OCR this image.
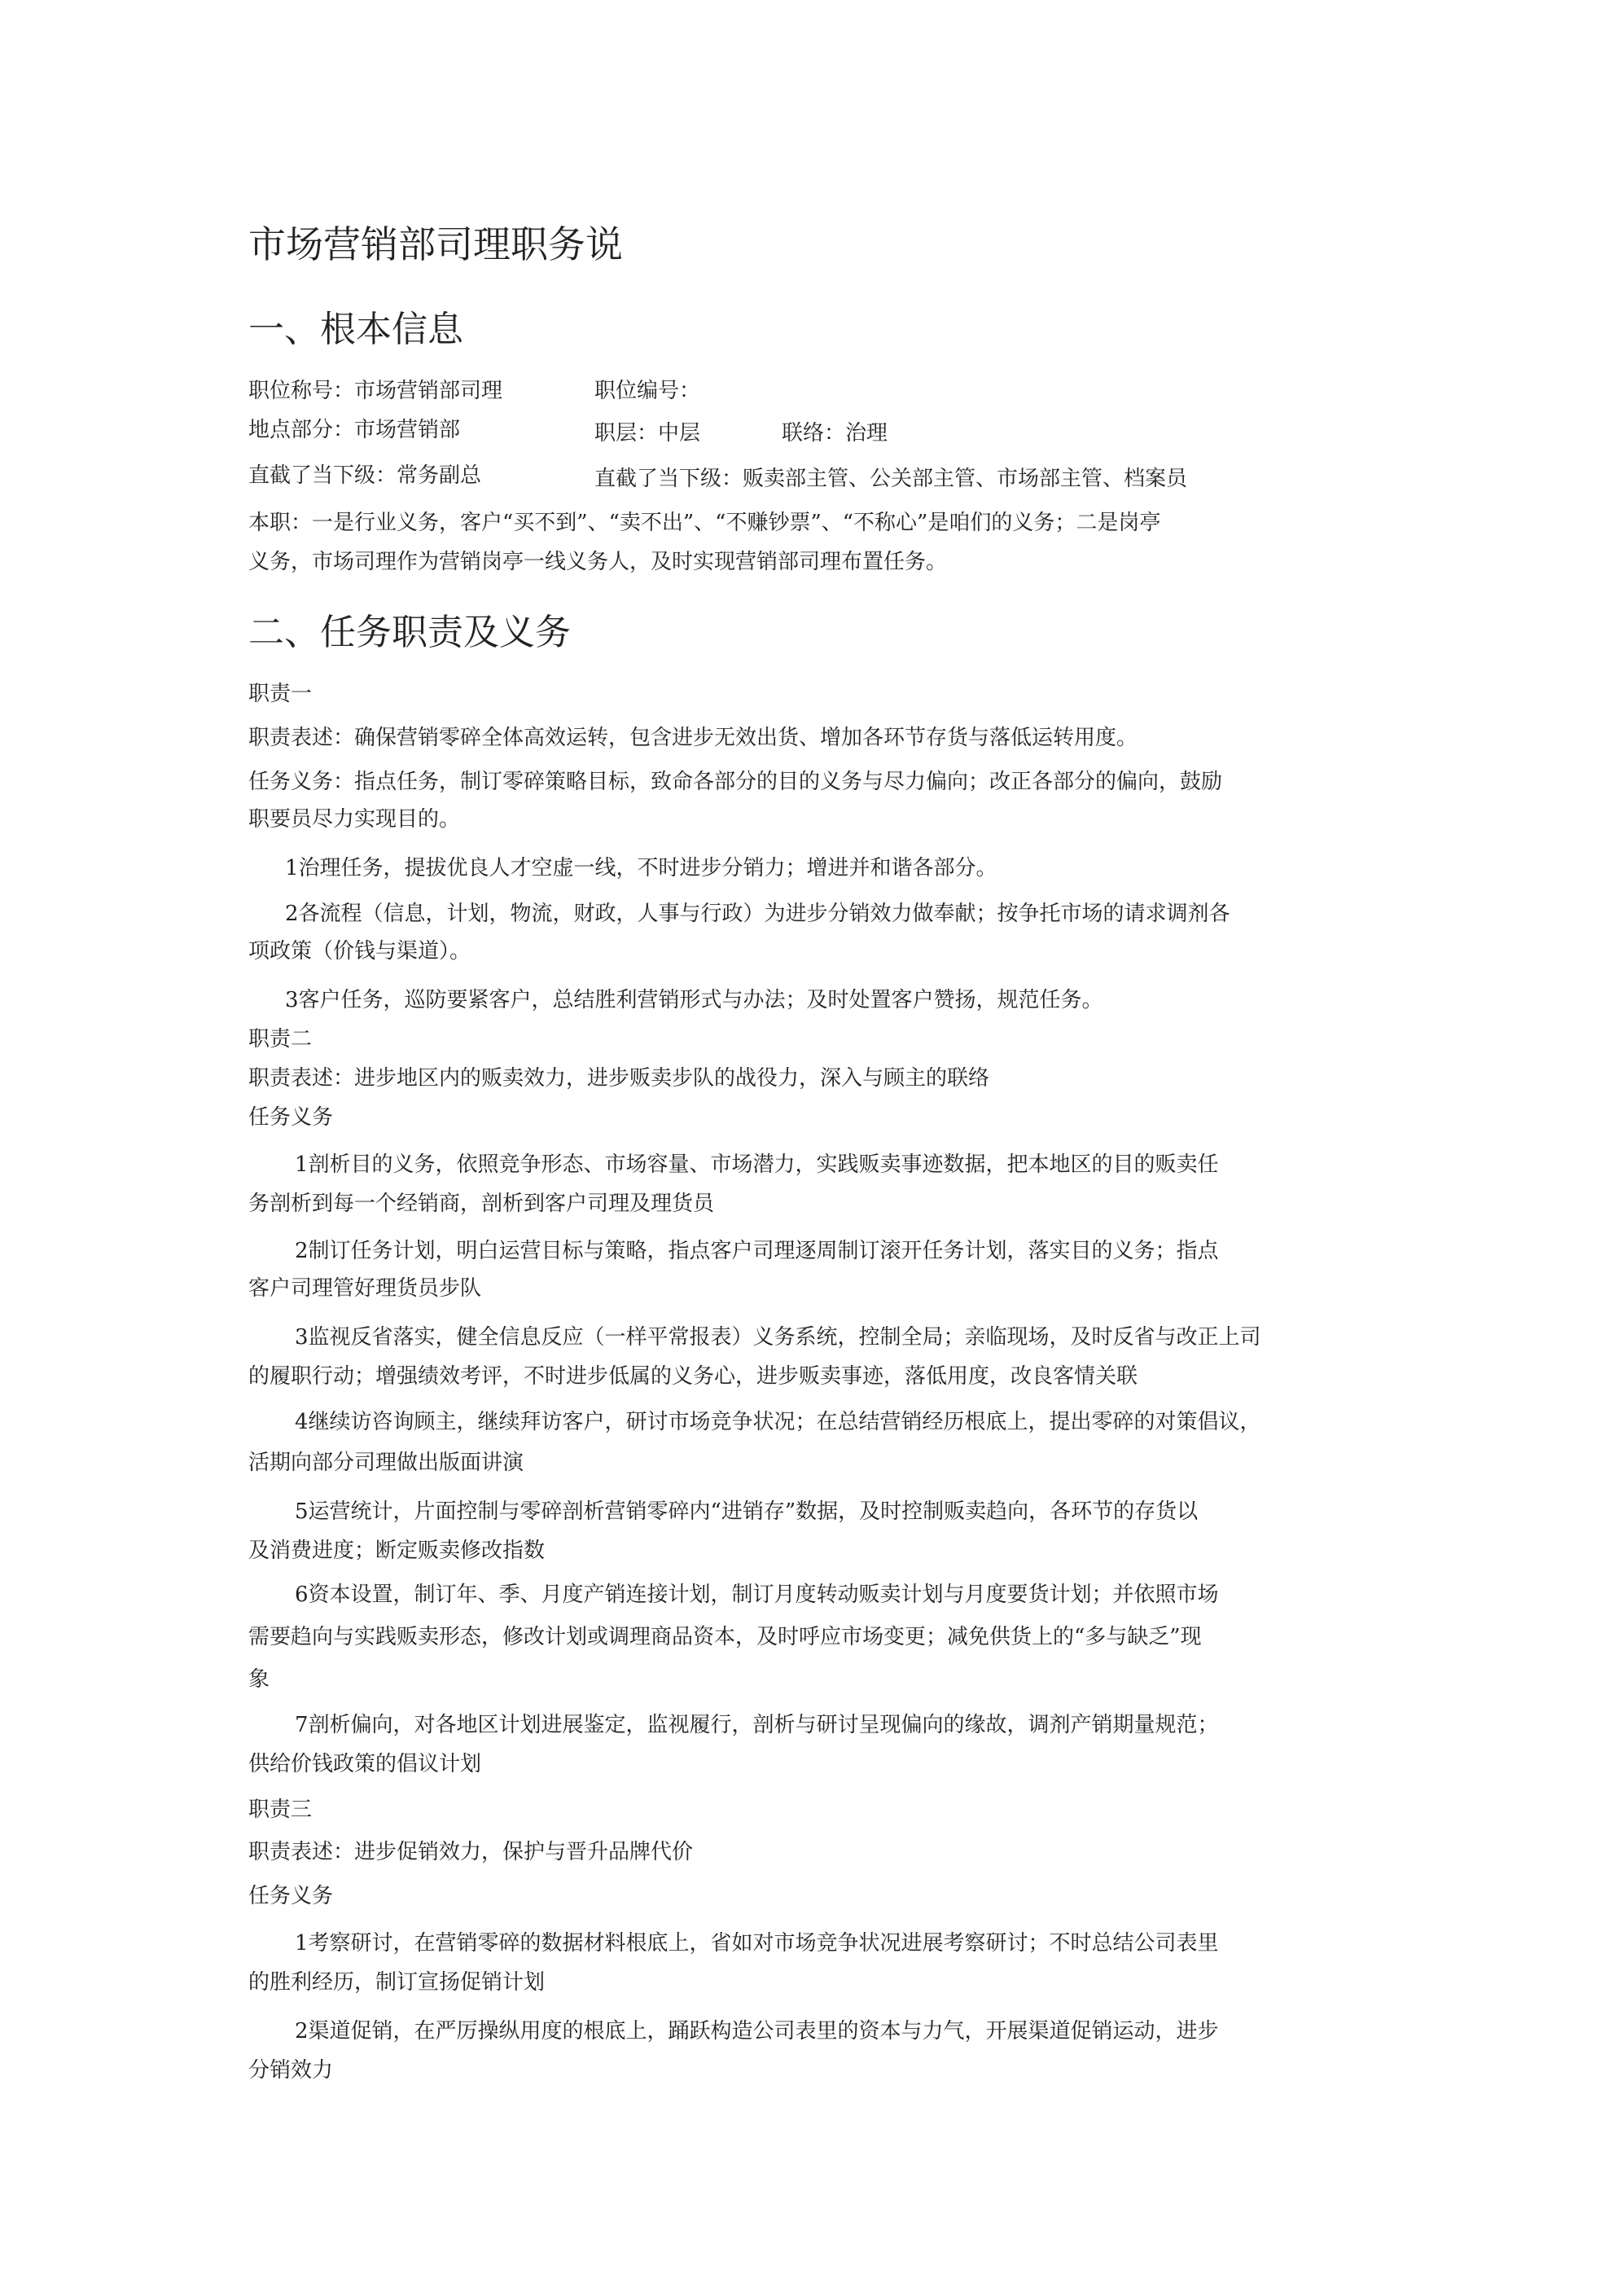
市场营销部司理职务说
一、根本信息
职位称号：市场营销部司理	职位编号：
地点部分：市场营销部	职层：中层	联络：治理
直截了当下级：常务副总	直截了当下级：贩卖部主管、公关部主管、市场部主管、档案员
本职：一是行业义务，客户“买不到”、“卖不出”、“不赚钞票”、“不称心”是咱们的义务；二是岗亭
义务，市场司理作为营销岗亭一线义务人，及时实现营销部司理布置任务。
二、任务职责及义务
职责一
职责表述：确保营销零碎全体高效运转，包含进步无效出货、增加各环节存货与落低运转用度。
任务义务：指点任务，制订零碎策略目标，致命各部分的目的义务与尽力偏向；改正各部分的偏向，鼓励
职要员尽力实现目的。
1治理任务，提拔优良人才空虚一线，不时进步分销力；增进并和谐各部分。
2各流程（信息，计划，物流，财政，人事与行政）为进步分销效力做奉献；按争托市场的请求调剂各
项政策（价钱与渠道）。
3客户任务，巡防要紧客户，总结胜利营销形式与办法；及时处置客户赞扬，规范任务。
职责二
职责表述：进步地区内的贩卖效力，进步贩卖步队的战役力，深入与顾主的联络
任务义务
1剖析目的义务，依照竞争形态、市场容量、市场潜力，实践贩卖事迹数据，把本地区的目的贩卖任
务剖析到每一个经销商，剖析到客户司理及理货员
2制订任务计划，明白运营目标与策略，指点客户司理逐周制订滚开任务计划，落实目的义务；指点
客户司理管好理货员步队
3监视反省落实，健全信息反应（一样平常报表）义务系统，控制全局；亲临现场，及时反省与改正上司
的履职行动；增强绩效考评，不时进步低属的义务心，进步贩卖事迹，落低用度，改良客情关联
4继续访咨询顾主，继续拜访客户，研讨市场竞争状况；在总结营销经历根底上，提出零碎的对策倡议，
活期向部分司理做出版面讲演
5运营统计，片面控制与零碎剖析营销零碎内“进销存”数据，及时控制贩卖趋向，各环节的存货以
及消费进度；断定贩卖修改指数
6资本设置，制订年、季、月度产销连接计划，制订月度转动贩卖计划与月度要货计划；并依照市场
需要趋向与实践贩卖形态，修改计划或调理商品资本，及时呼应市场变更；减免供货上的“多与缺乏”现
象
7剖析偏向，对各地区计划进展鉴定，监视履行，剖析与研讨呈现偏向的缘故，调剂产销期量规范；
供给价钱政策的倡议计划
职责三
职责表述：进步促销效力，保护与晋升品牌代价
任务义务
1考察研讨，在营销零碎的数据材料根底上，省如对市场竞争状况进展考察研讨；不时总结公司表里
的胜利经历，制订宣扬促销计划
2渠道促销，在严厉操纵用度的根底上，踊跃构造公司表里的资本与力气，开展渠道促销运动，进步
分销效力
